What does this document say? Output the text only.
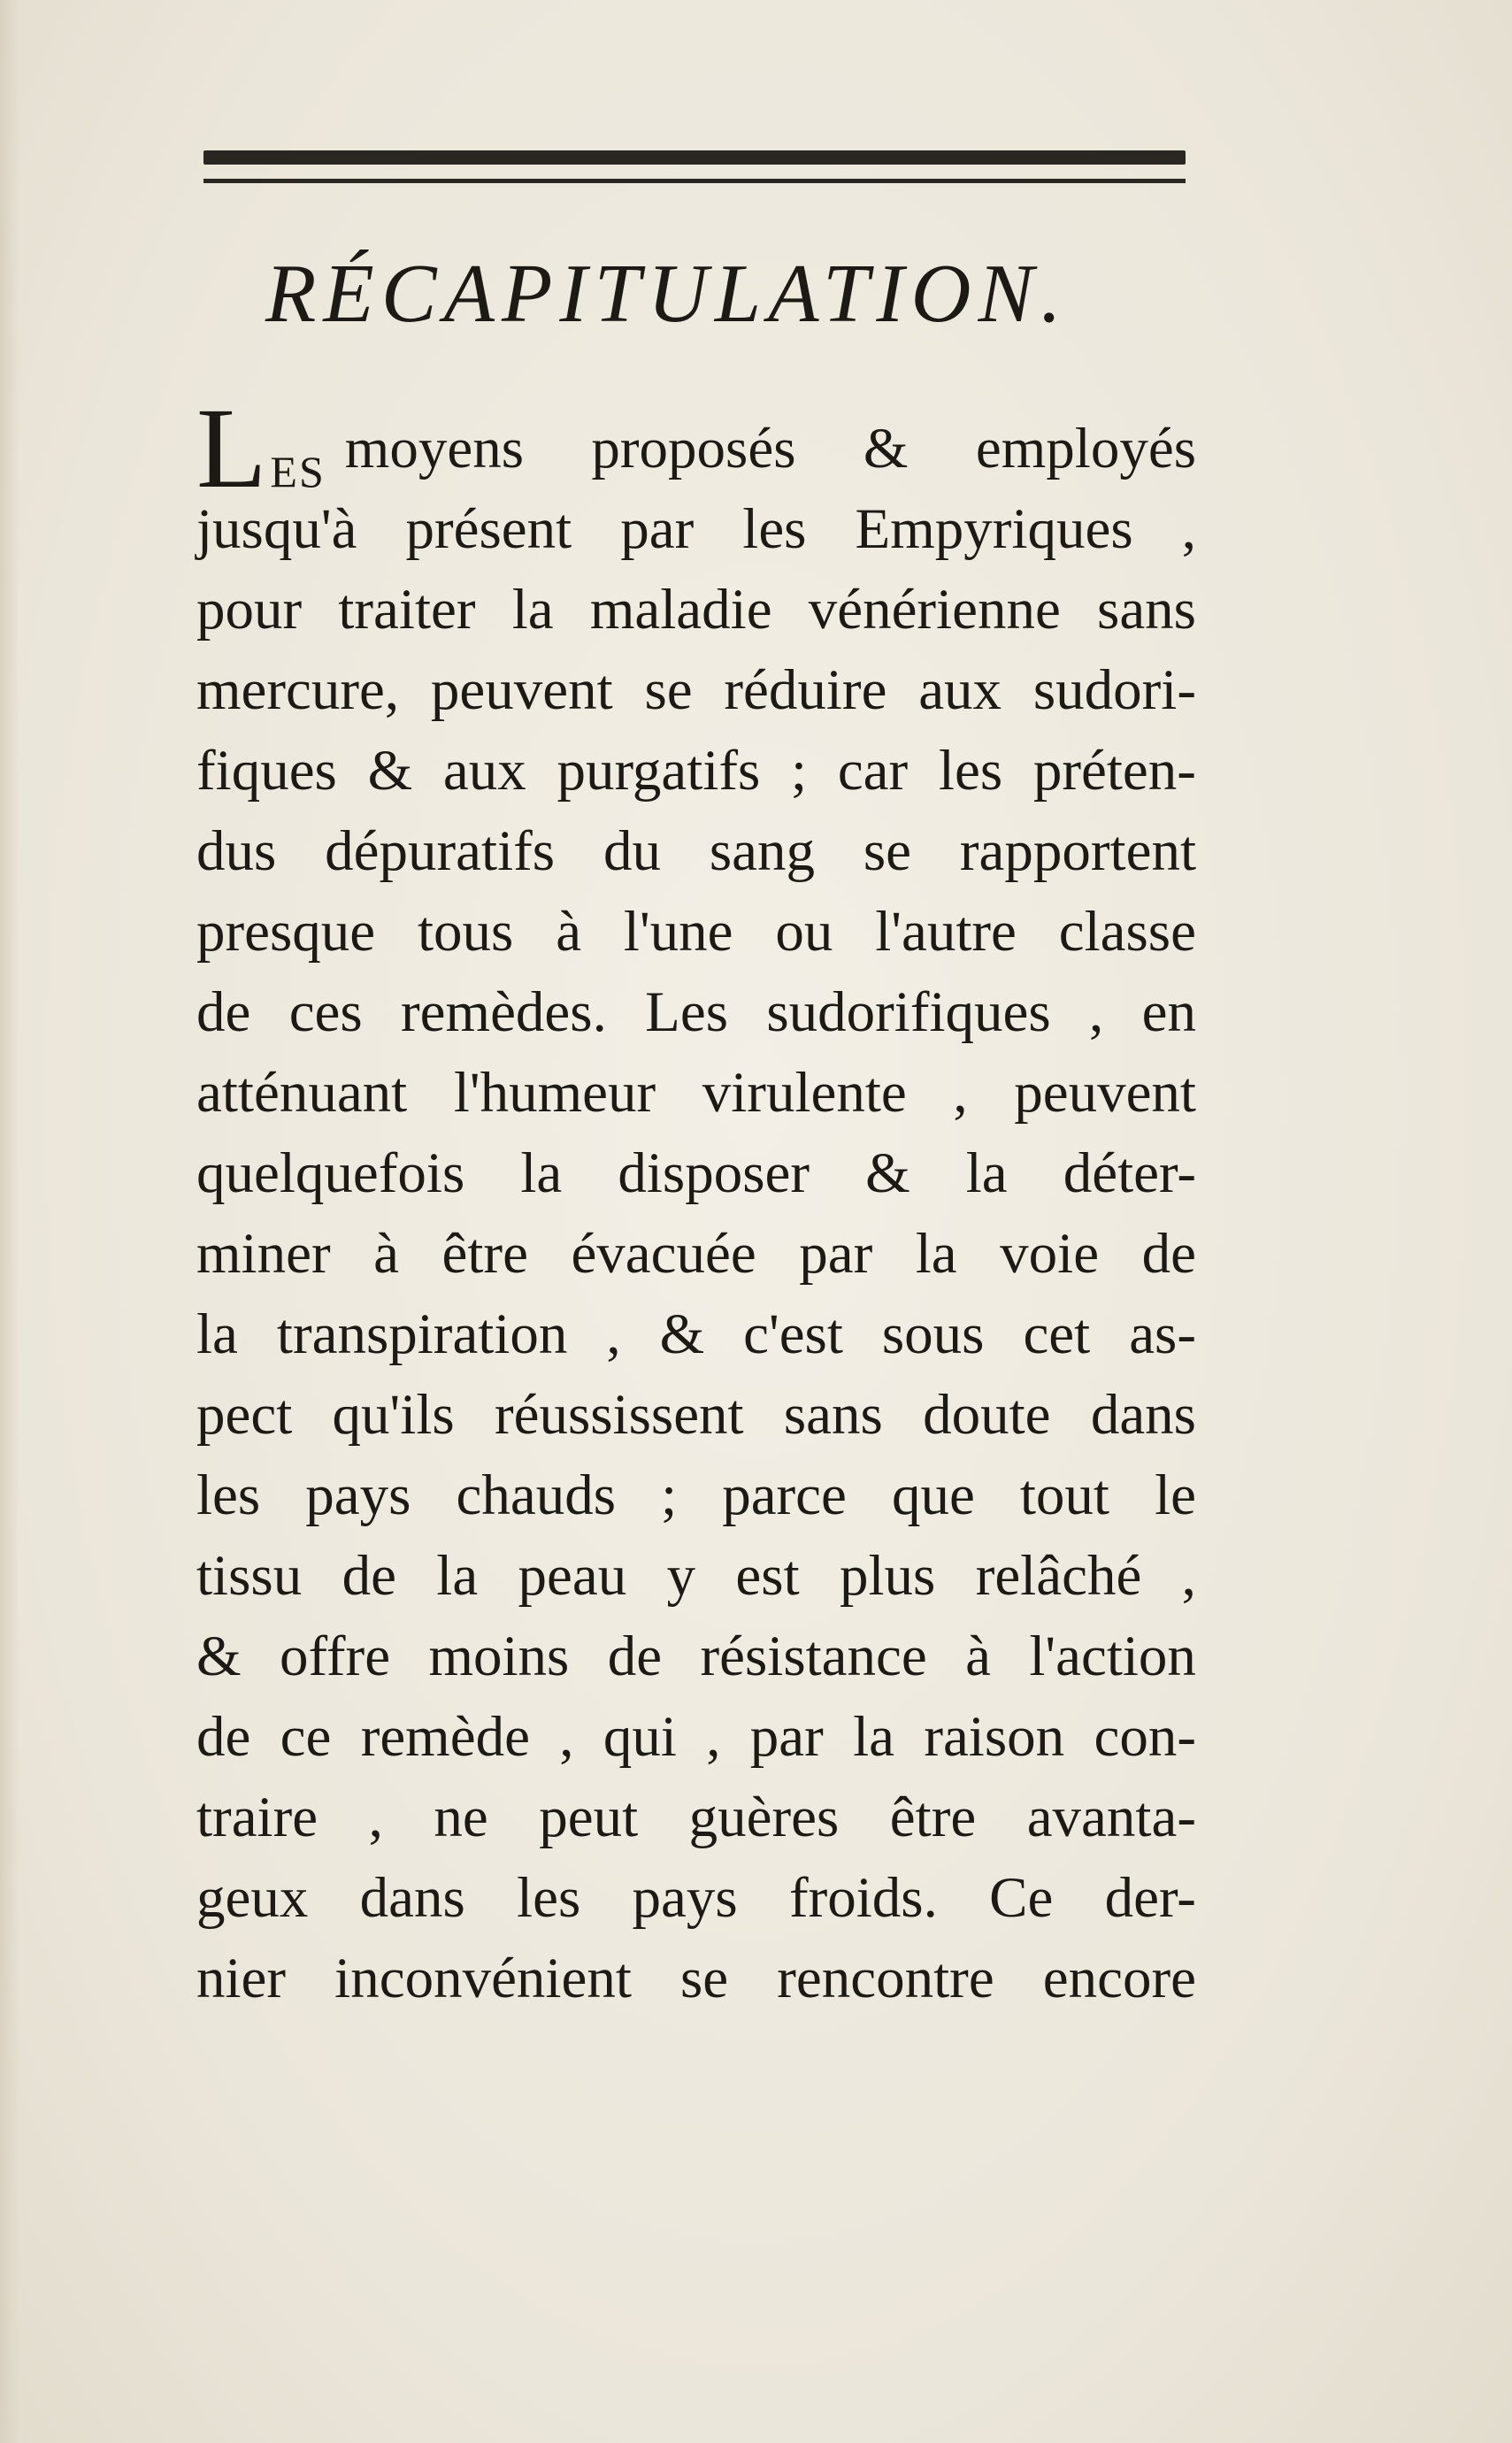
RÉCAPITULATION.
LES moyens proposés & employés
jusqu'à présent par les Empyriques ,
pour traiter la maladie vénérienne sans
mercure, peuvent se réduire aux sudori-
fiques & aux purgatifs ; car les préten-
dus dépuratifs du sang se rapportent
presque tous à l'une ou l'autre classe
de ces remèdes. Les sudorifiques , en
atténuant l'humeur virulente , peuvent
quelquefois la disposer & la déter-
miner à être évacuée par la voie de
la transpiration , & c'est sous cet as-
pect qu'ils réussissent sans doute dans
les pays chauds ; parce que tout le
tissu de la peau y est plus relâché ,
& offre moins de résistance à l'action
de ce remède , qui , par la raison con-
traire , ne peut guères être avanta-
geux dans les pays froids. Ce der-
nier inconvénient se rencontre encore
